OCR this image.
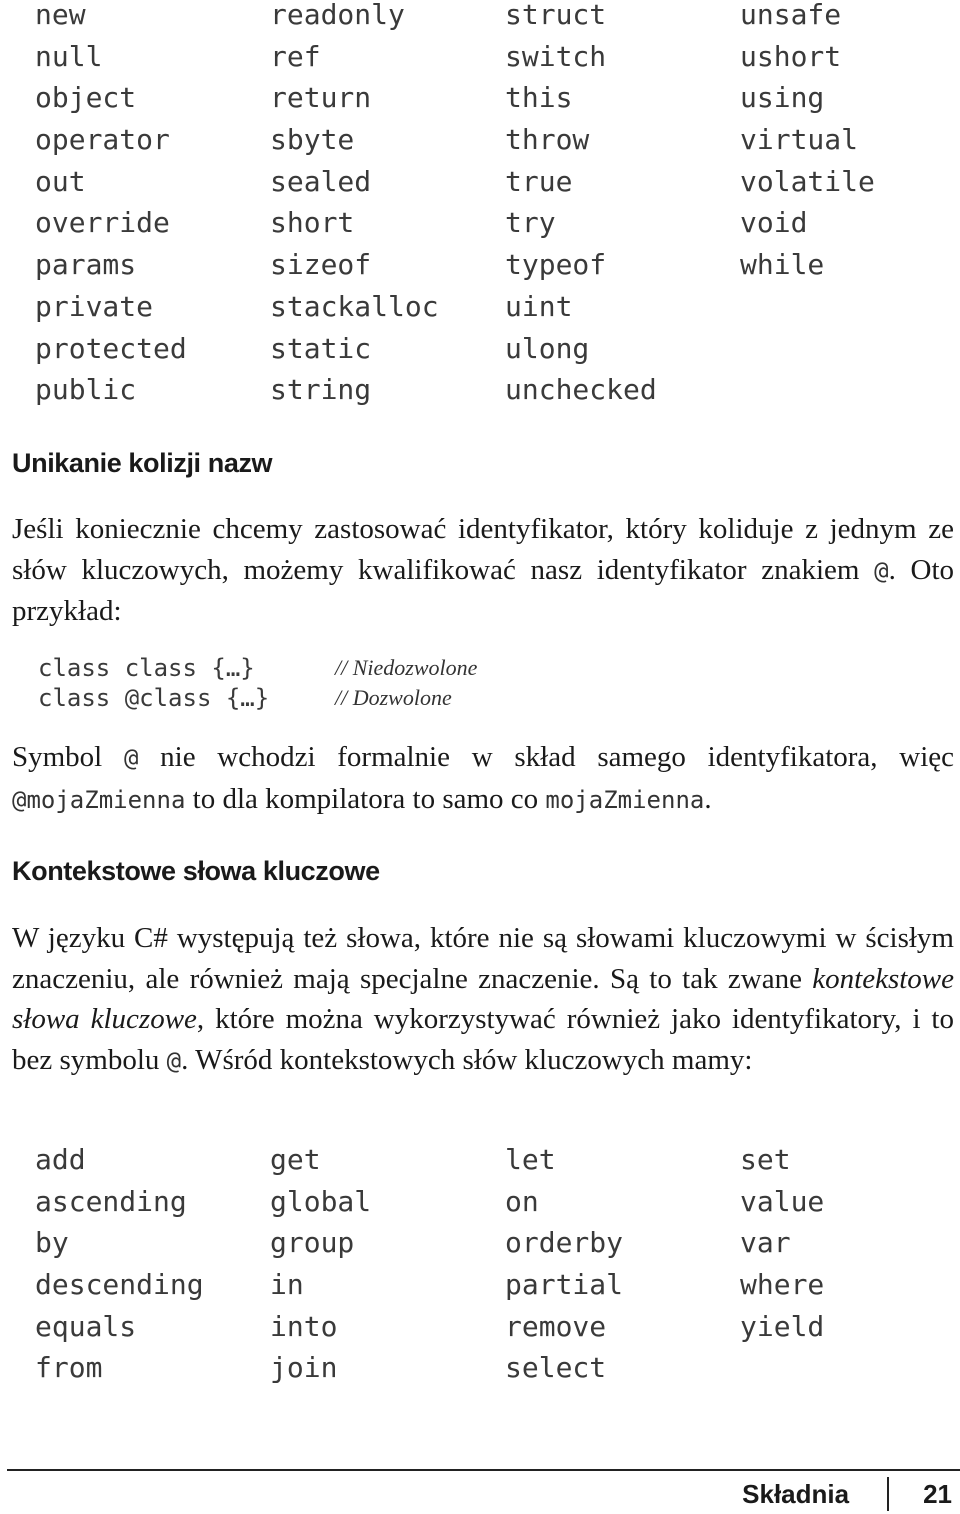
new	readonly	struct	unsafe
null	ref	switch	ushort
object	return	this	using
operator	sbyte	throw	virtual
out	sealed	true	volatile
override	short	try	void
params	sizeof	typeof	while
private	stackalloc	uint
protected	static	ulong
public	string	unchecked
Unikanie kolizji nazw

Jeśli koniecznie chcemy zastosować identyfikator, który koliduje z jednym ze słów kluczowych, możemy kwalifikować nasz identyfikator znakiem @. Oto przykład:

class class {…}	// Niedozwolone
class @class {…}	// Dozwolone

Symbol @ nie wchodzi formalnie w skład samego identyfikatora, więc @mojaZmienna to dla kompilatora to samo co mojaZmienna.

Kontekstowe słowa kluczowe

W języku C# występują też słowa, które nie są słowami kluczowymi w ścisłym znaczeniu, ale również mają specjalne znaczenie. Są to tak zwane kontekstowe słowa kluczowe, które można wykorzystywać również jako identyfikatory, i to bez symbolu @. Wśród kontekstowych słów kluczowych mamy:

add	get	let	set
ascending	global	on	value
by	group	orderby	var
descending	in	partial	where
equals	into	remove	yield
from	join	select
Składnia	21
